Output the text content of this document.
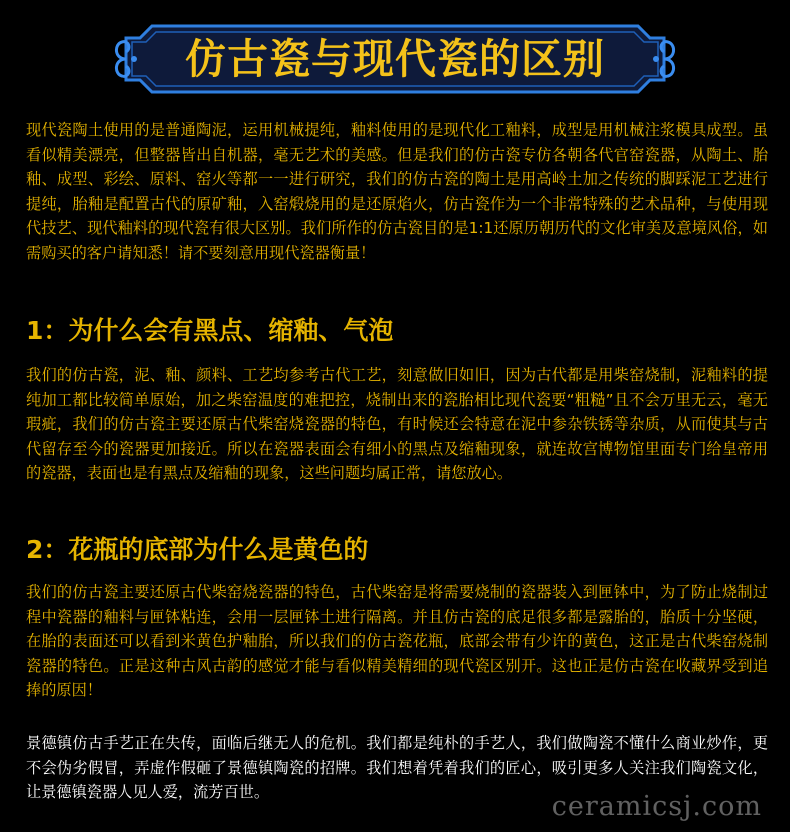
仿古瓷与现代瓷的区别

现代瓷陶土使用的是普通陶泥，运用机械提纯，釉料使用的是现代化工釉料，成型是用机械注浆模具成型。虽看似精美漂亮，但整器皆出自机器，毫无艺术的美感。但是我们的仿古瓷专仿各朝各代官窑瓷器，从陶土、胎釉、成型、彩绘、原料、窑火等都一一进行研究，我们的仿古瓷的陶土是用高岭土加之传统的脚踩泥工艺进行提纯，胎釉是配置古代的原矿釉，入窑煅烧用的是还原焰火，仿古瓷作为一个非常特殊的艺术品种，与使用现代技艺、现代釉料的现代瓷有很大区别。我们所作的仿古瓷目的是1:1还原历朝历代的文化审美及意境风俗，如需购买的客户请知悉！请不要刻意用现代瓷器衡量！

1：为什么会有黑点、缩釉、气泡

我们的仿古瓷，泥、釉、颜料、工艺均参考古代工艺，刻意做旧如旧，因为古代都是用柴窑烧制，泥釉料的提纯加工都比较简单原始，加之柴窑温度的难把控，烧制出来的瓷胎相比现代瓷要“粗糙”且不会万里无云，毫无瑕疵，我们的仿古瓷主要还原古代柴窑烧瓷器的特色，有时候还会特意在泥中参杂铁锈等杂质，从而使其与古代留存至今的瓷器更加接近。所以在瓷器表面会有细小的黑点及缩釉现象，就连故宫博物馆里面专门给皇帝用的瓷器，表面也是有黑点及缩釉的现象，这些问题均属正常，请您放心。

2：花瓶的底部为什么是黄色的

我们的仿古瓷主要还原古代柴窑烧瓷器的特色，古代柴窑是将需要烧制的瓷器装入到匣钵中，为了防止烧制过程中瓷器的釉料与匣钵粘连，会用一层匣钵土进行隔离。并且仿古瓷的底足很多都是露胎的，胎质十分坚硬，在胎的表面还可以看到米黄色护釉胎，所以我们的仿古瓷花瓶，底部会带有少许的黄色，这正是古代柴窑烧制瓷器的特色。正是这种古风古韵的感觉才能与看似精美精细的现代瓷区别开。这也正是仿古瓷在收藏界受到追捧的原因！

景德镇仿古手艺正在失传，面临后继无人的危机。我们都是纯朴的手艺人，我们做陶瓷不懂什么商业炒作，更不会伪劣假冒，弄虚作假砸了景德镇陶瓷的招牌。我们想着凭着我们的匠心，吸引更多人关注我们陶瓷文化，让景德镇瓷器人见人爱，流芳百世。	ceramicsj.com
